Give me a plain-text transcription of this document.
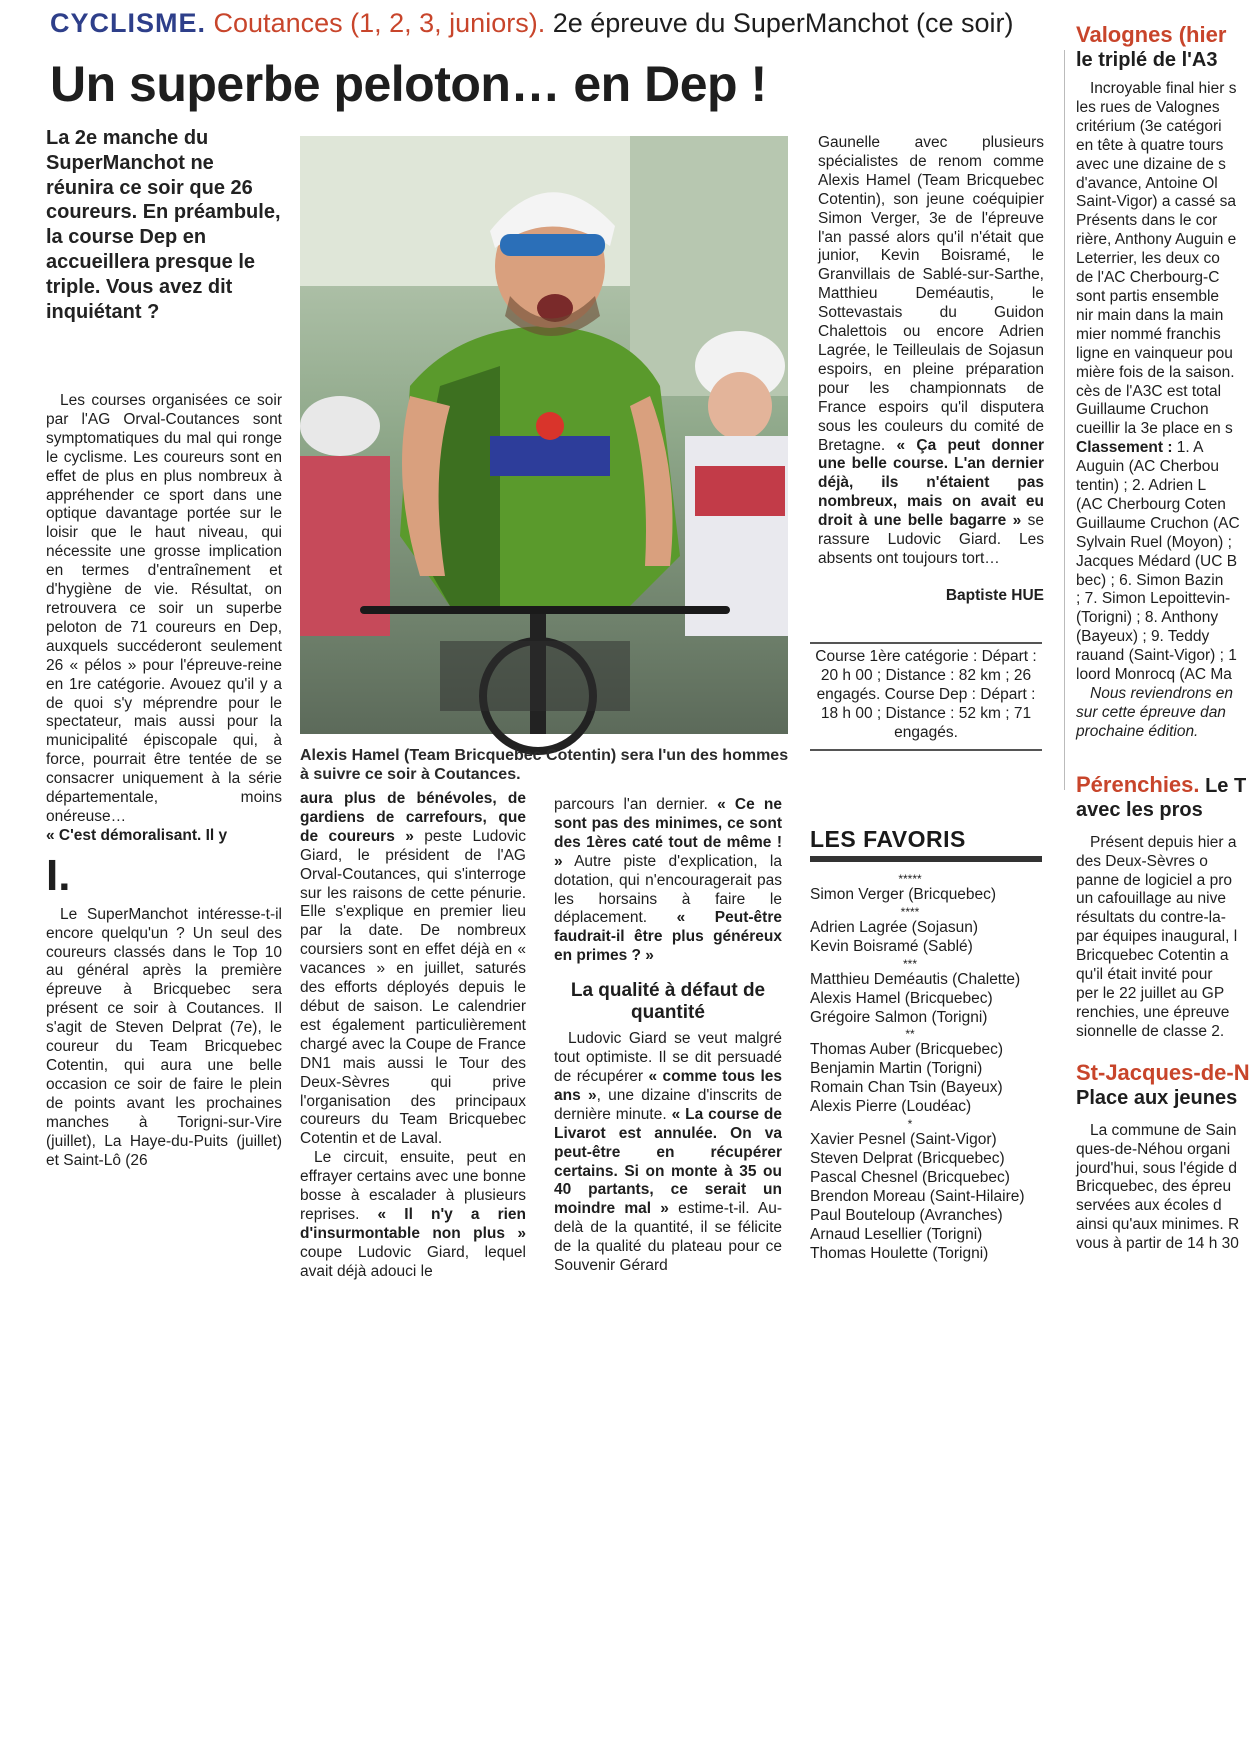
CYCLISME. Coutances (1, 2, 3, juniors). 2e épreuve du SuperManchot (ce soir)
Un superbe peloton… en Dep !
La 2e manche du SuperManchot ne réunira ce soir que 26 coureurs. En préambule, la course Dep en accueillera presque le triple. Vous avez dit inquiétant ?

Les courses organisées ce soir par l'AG Orval-Coutances sont symptomatiques du mal qui ronge le cyclisme. Les coureurs sont en effet de plus en plus nombreux à appréhender ce sport dans une optique davantage portée sur le loisir que le haut niveau, qui nécessite une grosse implication en termes d'entraînement et d'hygiène de vie. Résultat, on retrouvera ce soir un superbe peloton de 71 coureurs en Dep, auxquels succéderont seulement 26 « pélos » pour l'épreuve-reine en 1re catégorie. Avouez qu'il y a de quoi s'y méprendre pour le spectateur, mais aussi pour la municipalité épiscopale qui, à force, pourrait être tentée de se consacrer uniquement à la série départementale, moins onéreuse…

« C'est démoralisant. Il y

I.

Le SuperManchot intéresse-t-il encore quelqu'un ? Un seul des coureurs classés dans le Top 10 au général après la première épreuve à Bricquebec sera présent ce soir à Coutances. Il s'agit de Steven Delprat (7e), le coureur du Team Bricquebec Cotentin, qui aura une belle occasion ce soir de faire le plein de points avant les prochaines manches à Torigni-sur-Vire (juillet), La Haye-du-Puits (juillet) et Saint-Lô (26

Alexis Hamel (Team Bricquebec Cotentin) sera l'un des hommes à suivre ce soir à Coutances.

aura plus de bénévoles, de gardiens de carrefours, que de coureurs » peste Ludovic Giard, le président de l'AG Orval-Coutances, qui s'interroge sur les raisons de cette pénurie. Elle s'explique en premier lieu par la date. De nombreux coursiers sont en effet déjà en « vacances » en juillet, saturés des efforts déployés depuis le début de saison. Le calendrier est également particulièrement chargé avec la Coupe de France DN1 mais aussi le Tour des Deux-Sèvres qui prive l'organisation des principaux coureurs du Team Bricquebec Cotentin et de Laval.

Le circuit, ensuite, peut en effrayer certains avec une bonne bosse à escalader à plusieurs reprises. « Il n'y a rien d'insurmontable non plus » coupe Ludovic Giard, lequel avait déjà adouci le

parcours l'an dernier. « Ce ne sont pas des minimes, ce sont des 1ères caté tout de même ! » Autre piste d'explication, la dotation, qui n'encouragerait pas les horsains à faire le déplacement. « Peut-être faudrait-il être plus généreux en primes ? »

La qualité à défaut de quantité

Ludovic Giard se veut malgré tout optimiste. Il se dit persuadé de récupérer « comme tous les ans », une dizaine d'inscrits de dernière minute. « La course de Livarot est annulée. On va peut-être en récupérer certains. Si on monte à 35 ou 40 partants, ce serait un moindre mal » estime-t-il. Au-delà de la quantité, il se félicite de la qualité du plateau pour ce Souvenir Gérard

Gaunelle avec plusieurs spécialistes de renom comme Alexis Hamel (Team Bricquebec Cotentin), son jeune coéquipier Simon Verger, 3e de l'épreuve l'an passé alors qu'il n'était que junior, Kevin Boisramé, le Granvillais de Sablé-sur-Sarthe, Matthieu Deméautis, le Sottevastais du Guidon Chalettois ou encore Adrien Lagrée, le Teilleulais de Sojasun espoirs, en pleine préparation pour les championnats de France espoirs qu'il disputera sous les couleurs du comité de Bretagne. « Ça peut donner une belle course. L'an dernier déjà, ils n'étaient pas nombreux, mais on avait eu droit à une belle bagarre » se rassure Ludovic Giard. Les absents ont toujours tort…

Baptiste HUE

Course 1ère catégorie : Départ : 20 h 00 ; Distance : 82 km ; 26 engagés. Course Dep : Départ : 18 h 00 ; Distance : 52 km ; 71 engagés.
LES FAVORIS
*****
Simon Verger (Bricquebec)
****
Adrien Lagrée (Sojasun)
Kevin Boisramé (Sablé)
***
Matthieu Deméautis (Chalette)
Alexis Hamel (Bricquebec)
Grégoire Salmon (Torigni)
**
Thomas Auber (Bricquebec)
Benjamin Martin (Torigni)
Romain Chan Tsin (Bayeux)
Alexis Pierre (Loudéac)
*
Xavier Pesnel (Saint-Vigor)
Steven Delprat (Bricquebec)
Pascal Chesnel (Bricquebec)
Brendon Moreau (Saint-Hilaire)
Paul Bouteloup (Avranches)
Arnaud Lesellier (Torigni)
Thomas Houlette (Torigni)
Valognes (hier
le triplé de l'A3
Incroyable final hier s
les rues de Valognes
critérium (3e catégori
en tête à quatre tours
avec une dizaine de s
d'avance, Antoine Ol
Saint-Vigor) a cassé sa
Présents dans le cor
rière, Anthony Auguin e
Leterrier, les deux co
de l'AC Cherbourg-C
sont partis ensemble
nir main dans la main
mier nommé franchis
ligne en vainqueur pou
mière fois de la saison.
cès de l'A3C est total
Guillaume Cruchon
cueillir la 3e place en s
Classement : 1. A
Auguin (AC Cherbou
tentin) ; 2. Adrien L
(AC Cherbourg Coten
Guillaume Cruchon (AC
Sylvain Ruel (Moyon) ;
Jacques Médard (UC B
bec) ; 6. Simon Bazin
; 7. Simon Lepoittevin-
(Torigni) ; 8. Anthony
(Bayeux) ; 9. Teddy
rauand (Saint-Vigor) ; 1
loord Monrocq (AC Ma
Nous reviendrons en
sur cette épreuve dan
prochaine édition.
Pérenchies. Le T
avec les pros
Présent depuis hier a
des Deux-Sèvres o
panne de logiciel a pro
un cafouillage au nive
résultats du contre-la-
par équipes inaugural, l
Bricquebec Cotentin a
qu'il était invité pour
per le 22 juillet au GP
renchies, une épreuve
sionnelle de classe 2.
St-Jacques-de-N
Place aux jeunes
La commune de Sain
ques-de-Néhou organi
jourd'hui, sous l'égide d
Bricquebec, des épreu
servées aux écoles d
ainsi qu'aux minimes. R
vous à partir de 14 h 30
